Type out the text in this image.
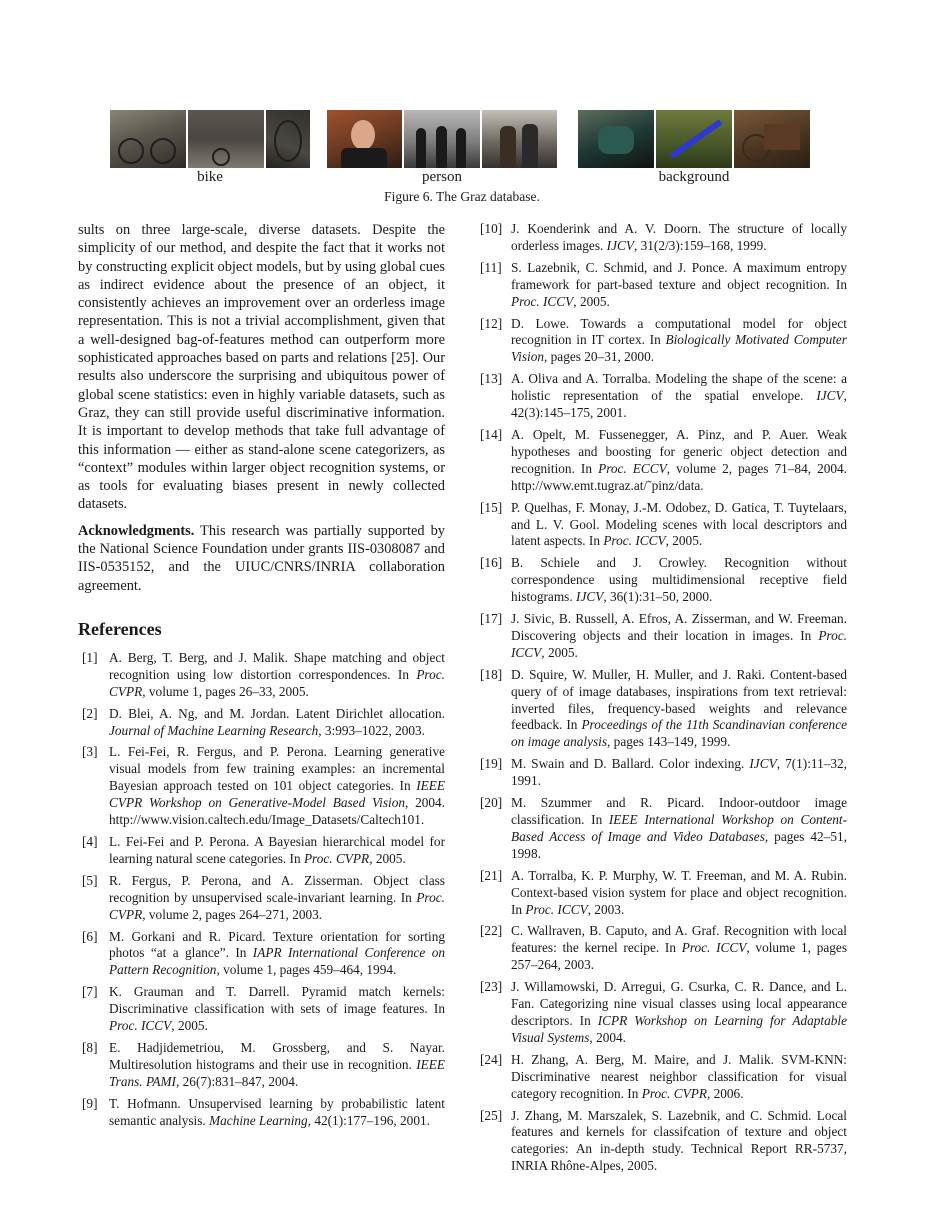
bike	person	background
Figure 6. The Graz database.

sults on three large-scale, diverse datasets. Despite the simplicity of our method, and despite the fact that it works not by constructing explicit object models, but by using global cues as indirect evidence about the presence of an object, it consistently achieves an improvement over an orderless image representation. This is not a trivial accomplishment, given that a well-designed bag-of-features method can outperform more sophisticated approaches based on parts and relations [25]. Our results also underscore the surprising and ubiquitous power of global scene statistics: even in highly variable datasets, such as Graz, they can still provide useful discriminative information. It is important to develop methods that take full advantage of this information — either as stand-alone scene categorizers, as “context” modules within larger object recognition systems, or as tools for evaluating biases present in newly collected datasets.

Acknowledgments. This research was partially supported by the National Science Foundation under grants IIS-0308087 and IIS-0535152, and the UIUC/CNRS/INRIA collaboration agreement.

References
[1] A. Berg, T. Berg, and J. Malik. Shape matching and object recognition using low distortion correspondences. In Proc. CVPR, volume 1, pages 26–33, 2005.
[2] D. Blei, A. Ng, and M. Jordan. Latent Dirichlet allocation. Journal of Machine Learning Research, 3:993–1022, 2003.
[3] L. Fei-Fei, R. Fergus, and P. Perona. Learning generative visual models from few training examples: an incremental Bayesian approach tested on 101 object categories. In IEEE CVPR Workshop on Generative-Model Based Vision, 2004. http://www.vision.caltech.edu/Image_Datasets/Caltech101.
[4] L. Fei-Fei and P. Perona. A Bayesian hierarchical model for learning natural scene categories. In Proc. CVPR, 2005.
[5] R. Fergus, P. Perona, and A. Zisserman. Object class recognition by unsupervised scale-invariant learning. In Proc. CVPR, volume 2, pages 264–271, 2003.
[6] M. Gorkani and R. Picard. Texture orientation for sorting photos “at a glance”. In IAPR International Conference on Pattern Recognition, volume 1, pages 459–464, 1994.
[7] K. Grauman and T. Darrell. Pyramid match kernels: Discriminative classification with sets of image features. In Proc. ICCV, 2005.
[8] E. Hadjidemetriou, M. Grossberg, and S. Nayar. Multiresolution histograms and their use in recognition. IEEE Trans. PAMI, 26(7):831–847, 2004.
[9] T. Hofmann. Unsupervised learning by probabilistic latent semantic analysis. Machine Learning, 42(1):177–196, 2001.
[10] J. Koenderink and A. V. Doorn. The structure of locally orderless images. IJCV, 31(2/3):159–168, 1999.
[11] S. Lazebnik, C. Schmid, and J. Ponce. A maximum entropy framework for part-based texture and object recognition. In Proc. ICCV, 2005.
[12] D. Lowe. Towards a computational model for object recognition in IT cortex. In Biologically Motivated Computer Vision, pages 20–31, 2000.
[13] A. Oliva and A. Torralba. Modeling the shape of the scene: a holistic representation of the spatial envelope. IJCV, 42(3):145–175, 2001.
[14] A. Opelt, M. Fussenegger, A. Pinz, and P. Auer. Weak hypotheses and boosting for generic object detection and recognition. In Proc. ECCV, volume 2, pages 71–84, 2004. http://www.emt.tugraz.at/˜pinz/data.
[15] P. Quelhas, F. Monay, J.-M. Odobez, D. Gatica, T. Tuytelaars, and L. V. Gool. Modeling scenes with local descriptors and latent aspects. In Proc. ICCV, 2005.
[16] B. Schiele and J. Crowley. Recognition without correspondence using multidimensional receptive field histograms. IJCV, 36(1):31–50, 2000.
[17] J. Sivic, B. Russell, A. Efros, A. Zisserman, and W. Freeman. Discovering objects and their location in images. In Proc. ICCV, 2005.
[18] D. Squire, W. Muller, H. Muller, and J. Raki. Content-based query of of image databases, inspirations from text retrieval: inverted files, frequency-based weights and relevance feedback. In Proceedings of the 11th Scandinavian conference on image analysis, pages 143–149, 1999.
[19] M. Swain and D. Ballard. Color indexing. IJCV, 7(1):11–32, 1991.
[20] M. Szummer and R. Picard. Indoor-outdoor image classification. In IEEE International Workshop on Content-Based Access of Image and Video Databases, pages 42–51, 1998.
[21] A. Torralba, K. P. Murphy, W. T. Freeman, and M. A. Rubin. Context-based vision system for place and object recognition. In Proc. ICCV, 2003.
[22] C. Wallraven, B. Caputo, and A. Graf. Recognition with local features: the kernel recipe. In Proc. ICCV, volume 1, pages 257–264, 2003.
[23] J. Willamowski, D. Arregui, G. Csurka, C. R. Dance, and L. Fan. Categorizing nine visual classes using local appearance descriptors. In ICPR Workshop on Learning for Adaptable Visual Systems, 2004.
[24] H. Zhang, A. Berg, M. Maire, and J. Malik. SVM-KNN: Discriminative nearest neighbor classification for visual category recognition. In Proc. CVPR, 2006.
[25] J. Zhang, M. Marszalek, S. Lazebnik, and C. Schmid. Local features and kernels for classifcation of texture and object categories: An in-depth study. Technical Report RR-5737, INRIA Rhône-Alpes, 2005.
